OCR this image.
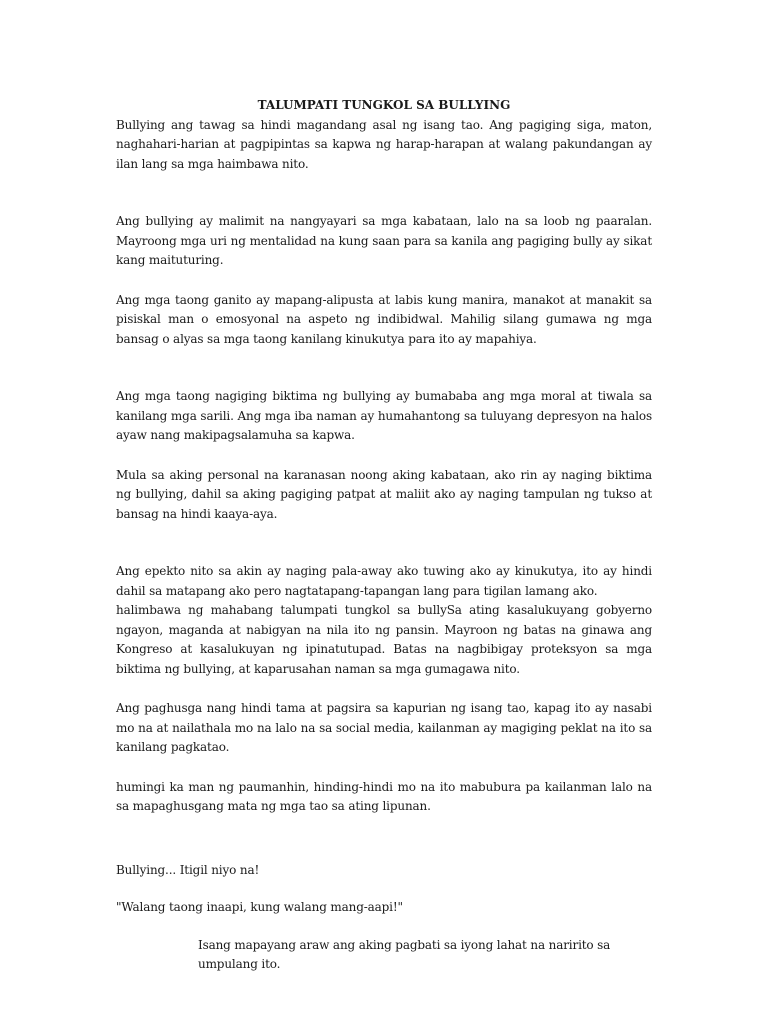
TALUMPATI TUNGKOL SA BULLYING

Bullying ang tawag sa hindi magandang asal ng isang tao. Ang pagiging siga, maton, naghahari-harian at pagpipintas sa kapwa ng harap-harapan at walang pakundangan ay ilan lang sa mga haimbawa nito.

Ang bullying ay malimit na nangyayari sa mga kabataan, lalo na sa loob ng paaralan. Mayroong mga uri ng mentalidad na kung saan para sa kanila ang pagiging bully ay sikat kang maituturing.

Ang mga taong ganito ay mapang-alipusta at labis kung manira, manakot at manakit sa pisiskal man o emosyonal na aspeto ng indibidwal. Mahilig silang gumawa ng mga bansag o alyas sa mga taong kanilang kinukutya para ito ay mapahiya.

Ang mga taong nagiging biktima ng bullying ay bumababa ang mga moral at tiwala sa kanilang mga sarili. Ang mga iba naman ay humahantong sa tuluyang depresyon na halos ayaw nang makipagsalamuha sa kapwa.

Mula sa aking personal na karanasan noong aking kabataan, ako rin ay naging biktima ng bullying, dahil sa aking pagiging patpat at maliit ako ay naging tampulan ng tukso at bansag na hindi kaaya-aya.

Ang epekto nito sa akin ay naging pala-away ako tuwing ako ay kinukutya, ito ay hindi dahil sa matapang ako pero nagtatapang-tapangan lang para tigilan lamang ako.

halimbawa ng mahabang talumpati tungkol sa bullySa ating kasalukuyang gobyerno ngayon, maganda at nabigyan na nila ito ng pansin. Mayroon ng batas na ginawa ang Kongreso at kasalukuyan ng ipinatutupad. Batas na nagbibigay proteksyon sa mga biktima ng bullying, at kaparusahan naman sa mga gumagawa nito.

Ang paghusga nang hindi tama at pagsira sa kapurian ng isang tao, kapag ito ay nasabi mo na at nailathala mo na lalo na sa social media, kailanman ay magiging peklat na ito sa kanilang pagkatao.

humingi ka man ng paumanhin, hinding-hindi mo na ito mabubura pa kailanman lalo na sa mapaghusgang mata ng mga tao sa ating lipunan.

Bullying... Itigil niyo na!

"Walang taong inaapi, kung walang mang-aapi!"

Isang mapayang araw ang aking pagbati sa iyong lahat na naririto sa umpulang ito.
